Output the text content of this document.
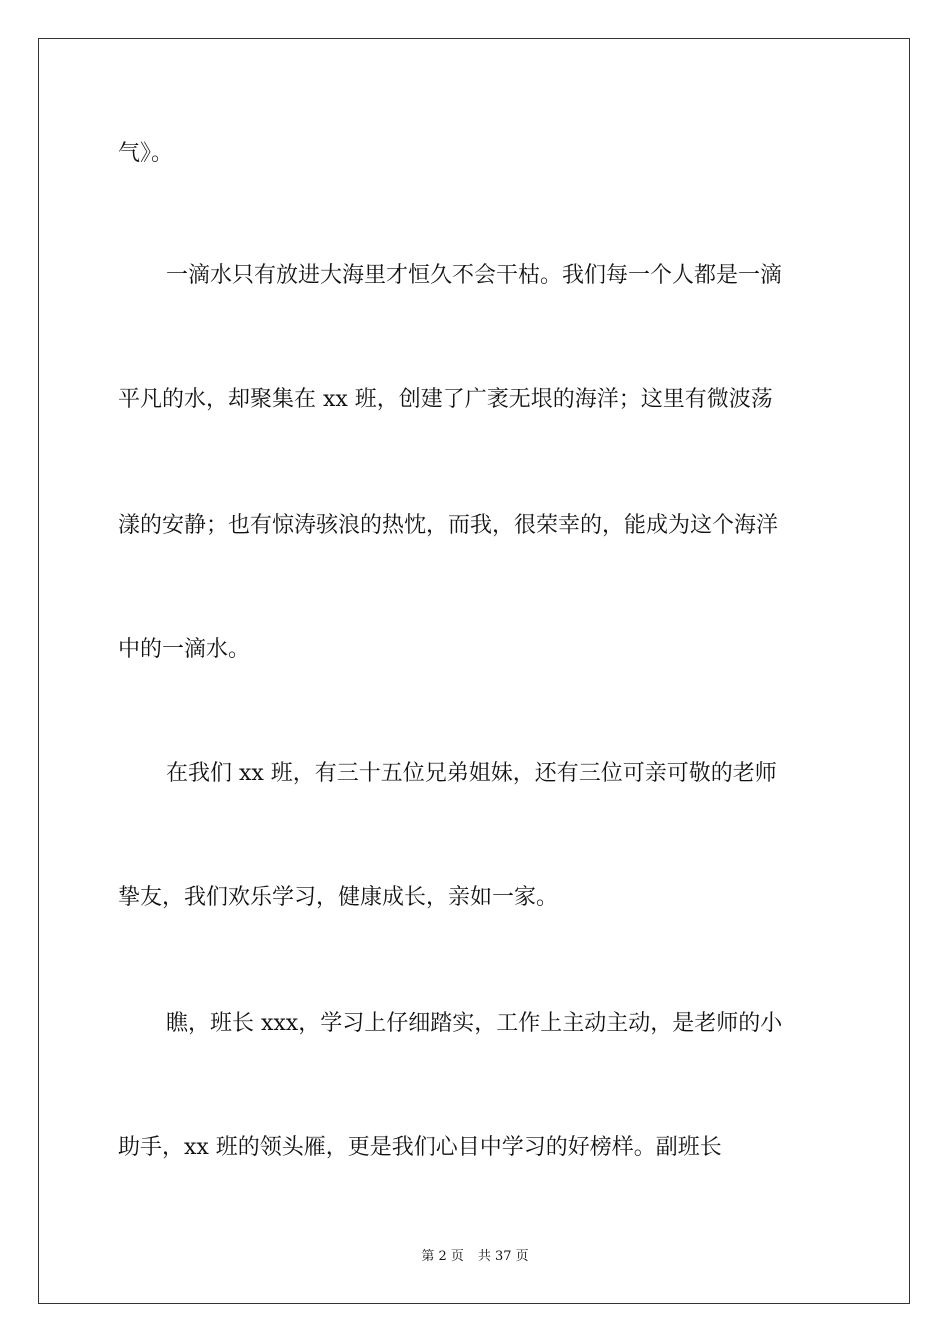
气》。
一滴水只有放进大海里才恒久不会干枯。我们每一个人都是一滴
平凡的水，却聚集在 xx 班，创建了广袤无垠的海洋；这里有微波荡
漾的安静；也有惊涛骇浪的热忱，而我，很荣幸的，能成为这个海洋
中的一滴水。
在我们 xx 班，有三十五位兄弟姐妹，还有三位可亲可敬的老师
挚友，我们欢乐学习，健康成长，亲如一家。
瞧，班长 xxx，学习上仔细踏实，工作上主动主动，是老师的小
助手，xx 班的领头雁，更是我们心目中学习的好榜样。副班长
第 2 页 共 37 页
